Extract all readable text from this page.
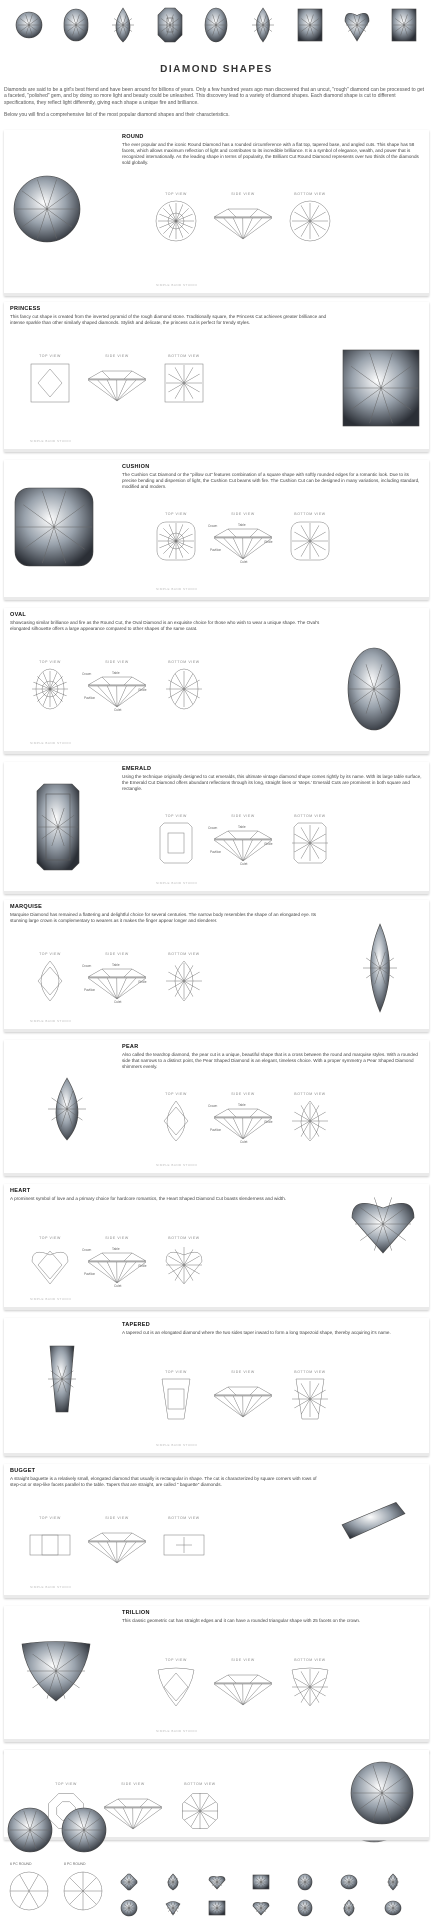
DIAMOND SHAPES

Diamonds are said to be a girl's best friend and have been around for billions of years. Only a few hundred years ago man discovered that an uncut, "rough" diamond can be processed to get a faceted, "polished" gem, and by doing so more light and beauty could be unleashed. This discovery lead to a variety of diamond shapes. Each diamond shape is cut to different specifications, they reflect light differently, giving each shape a unique fire and brilliance.

Below you will find a comprehensive list of the most popular diamond shapes and their characteristics.

ROUND

The ever popular and the iconic Round Diamond has a rounded circumference with a flat top, tapered base, and angled cuts. This shape has 58 facets, which allows maximum reflection of light and contributes to its incredible brilliance. It is a symbol of elegance, wealth, and power that is recognized internationally. As the leading shape in terms of popularity, the Brilliant Cut Round Diamond represents over two thirds of the diamonds sold globally.

TOP VIEW	SIDE VIEW	BOTTOM VIEW
SIMPLE BAND STUDIO
PRINCESS

This fancy cut shape is created from the inverted pyramid of the rough diamond stone. Traditionally square, the Princess Cut achieves greater brilliance and intense sparkle than other similarly shaped diamonds. Stylish and delicate, the princess cut is perfect for trendy styles.

TOP VIEW	SIDE VIEW	BOTTOM VIEW
SIMPLE BAND STUDIO
CUSHION

The Cushion Cut Diamond or the "pillow cut" features combination of a square shape with softly rounded edges for a romantic look. Due to its precise bending and dispersion of light, the Cushion Cut beams with fire. The Cushion Cut can be designed in many variations, including standard, modified and modern.

TOP VIEW	SIDE VIEW
Crown	Table
Girdle
Pavilion
Culet
BOTTOM VIEW
SIMPLE BAND STUDIO
OVAL

Showcasing similar brilliance and fire as the Round Cut, the Oval Diamond is an exquisite choice for those who wish to wear a unique shape. The Oval's elongated silhouette offers a large appearance compared to other shapes of the same carat.

TOP VIEW	SIDE VIEW
Crown	Table
Girdle
Pavilion
Culet
BOTTOM VIEW
SIMPLE BAND STUDIO
EMERALD

Using the technique originally designed to cut emeralds, this ultimate vintage diamond shape comes rightly by its name. With its large table surface, the Emerald Cut Diamond offers abundant reflections through its long, straight lines or 'steps.' Emerald Cuts are prominent in both square and rectangle.

TOP VIEW	SIDE VIEW
Crown	Table
Girdle
Pavilion
Culet
BOTTOM VIEW
SIMPLE BAND STUDIO
MARQUISE

Marquise Diamond has remained a flattering and delightful choice for several centuries. The narrow body resembles the shape of an elongated eye. Its stunning large crown is complementary to wearers as it makes the finger appear longer and slenderer.

TOP VIEW	SIDE VIEW
Crown	Table
Girdle
Pavilion
Culet
BOTTOM VIEW
SIMPLE BAND STUDIO
PEAR

Also called the teardrop diamond, the pear cut is a unique, beautiful shape that is a cross between the round and marquise styles. With a rounded side that narrows to a distinct point, the Pear Shaped Diamond is an elegant, timeless choice. With a proper symmetry a Pear Shaped Diamond shimmers evenly.

TOP VIEW	SIDE VIEW
Crown	Table
Girdle
Pavilion
Culet
BOTTOM VIEW
SIMPLE BAND STUDIO
HEART

A prominent symbol of love and a primary choice for hardcore romantics, the Heart Shaped Diamond Cut boasts slenderness and width.

TOP VIEW	SIDE VIEW
Crown	Table
Girdle
Pavilion
Culet
BOTTOM VIEW
SIMPLE BAND STUDIO
TAPERED

A tapered cut is an elongated diamond where the two sides taper inward to form a long trapezoid shape, thereby acquiring it's name.

TOP VIEW	SIDE VIEW	BOTTOM VIEW
SIMPLE BAND STUDIO
BUGGET

A straight baguette is a relatively small, elongated diamond that usually is rectangular in shape. The cut is characterized by square corners with rows of step-cut or step-like facets parallel to the table. Tapers that are straight, are called " baguette" diamonds.

TOP VIEW	SIDE VIEW	BOTTOM VIEW
SIMPLE BAND STUDIO
TRILLION

This classic geometric cut has straight edges and it can have a rounded triangular shape with 25 facets on the crown.

TOP VIEW	SIDE VIEW	BOTTOM VIEW
SIMPLE BAND STUDIO

TOP VIEW	SIDE VIEW	BOTTOM VIEW

6 PC ROUND	8 PC ROUND
